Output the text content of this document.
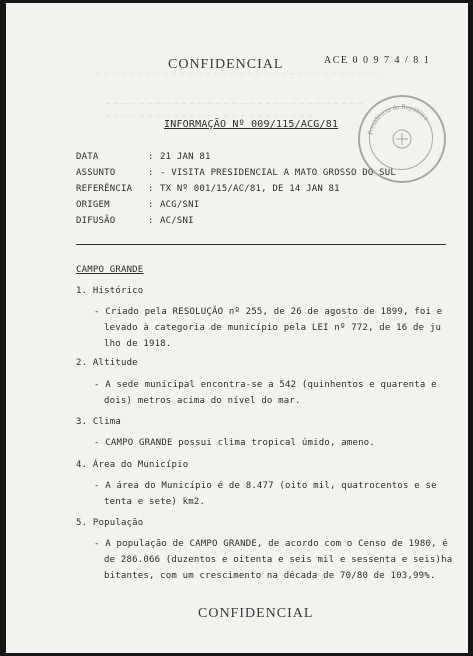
— — — — — — — — — — — — — — — — — — — — — — — — — — — — — — — — — —
— — — — — — — — — — — — — — — — — — — — — — — — — — — — — — —
— — — — — — — — — — — — — — — — — — — — — — — — —
CONFIDENCIAL	ACE 0 0 9 7 4 / 8 1
INFORMAÇÃO Nº 009/115/ACG/81
DATA	: 21 JAN 81
ASSUNTO	: - VISITA PRESIDENCIAL A MATO GROSSO DO SUL
REFERÊNCIA : TX Nº 001/15/AC/81, DE 14 JAN 81
ORIGEM	: ACG/SNI
DIFUSÃO	: AC/SNI
Presidência da República
CAMPO GRANDE
1. Histórico
- Criado pela RESOLUÇÃO nº 255, de 26 de agosto de 1899, foi e
levado à categoria de município pela LEI nº 772, de 16 de ju
lho de 1918.
2. Altitude
- A sede municipal encontra-se a 542 (quinhentos e quarenta e
dois) metros acima do nível do mar.
3. Clima
- CAMPO GRANDE possui clima tropical úmido, ameno.
4. Área do Município
- A área do Município é de 8.477 (oito mil, quatrocentos e se
tenta e sete) km2.
5. População
- A população de CAMPO GRANDE, de acordo com o Censo de 1980, é
de 286.066 (duzentos e oitenta e seis mil e sessenta e seis)ha
bitantes, com um crescimento na década de 70/80 de 103,99%.
CONFIDENCIAL
